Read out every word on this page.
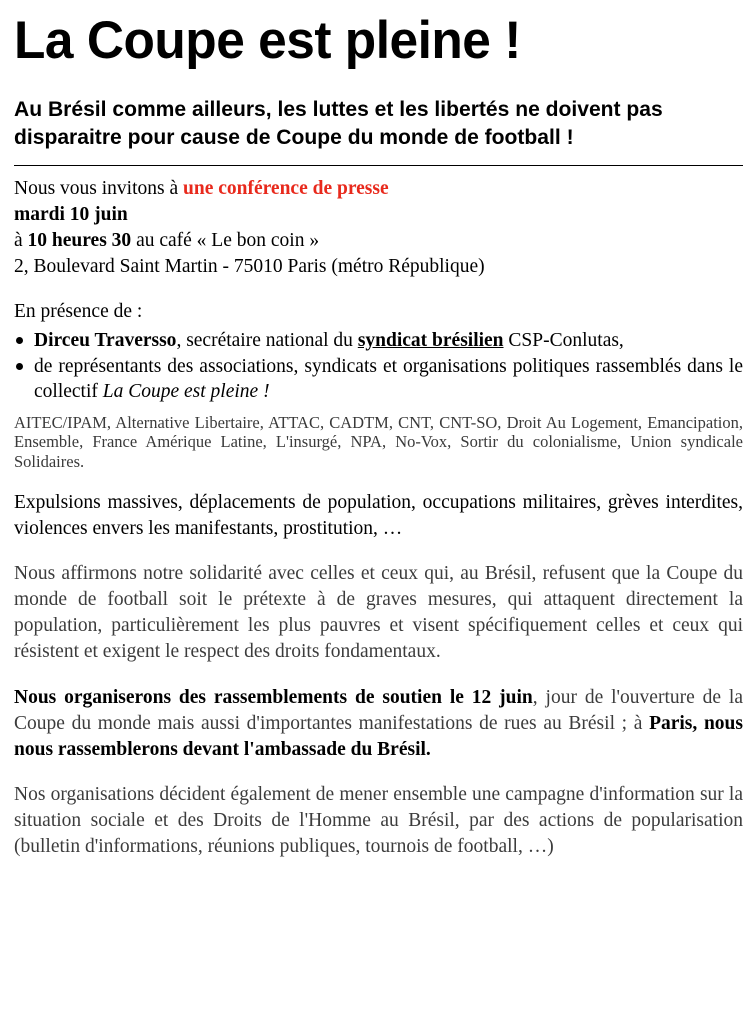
La Coupe est pleine !
Au Brésil comme ailleurs, les luttes et les libertés ne doivent pas disparaitre pour cause de Coupe du monde de football !
Nous vous invitons à une conférence de presse
mardi 10 juin
à 10 heures 30 au café « Le bon coin »
2, Boulevard Saint Martin - 75010 Paris (métro République)
En présence de :
Dirceu Traversso, secrétaire national du syndicat brésilien CSP-Conlutas,
de représentants des associations, syndicats et organisations politiques rassemblés dans le collectif La Coupe est pleine !
AITEC/IPAM, Alternative Libertaire, ATTAC, CADTM, CNT, CNT-SO, Droit Au Logement, Emancipation, Ensemble, France Amérique Latine, L'insurgé, NPA, No-Vox, Sortir du colonialisme, Union syndicale Solidaires.

Expulsions massives, déplacements de population, occupations militaires, grèves interdites, violences envers les manifestants, prostitution, …

Nous affirmons notre solidarité avec celles et ceux qui, au Brésil, refusent que la Coupe du monde de football soit le prétexte à de graves mesures, qui attaquent directement la population, particulièrement les plus pauvres et visent spécifiquement celles et ceux qui résistent et exigent le respect des droits fondamentaux.

Nous organiserons des rassemblements de soutien le 12 juin, jour de l'ouverture de la Coupe du monde mais aussi d'importantes manifestations de rues au Brésil ; à Paris, nous nous rassemblerons devant l'ambassade du Brésil.

Nos organisations décident également de mener ensemble une campagne d'information sur la situation sociale et des Droits de l'Homme au Brésil, par des actions de popularisation (bulletin d'informations, réunions publiques, tournois de football, …)
